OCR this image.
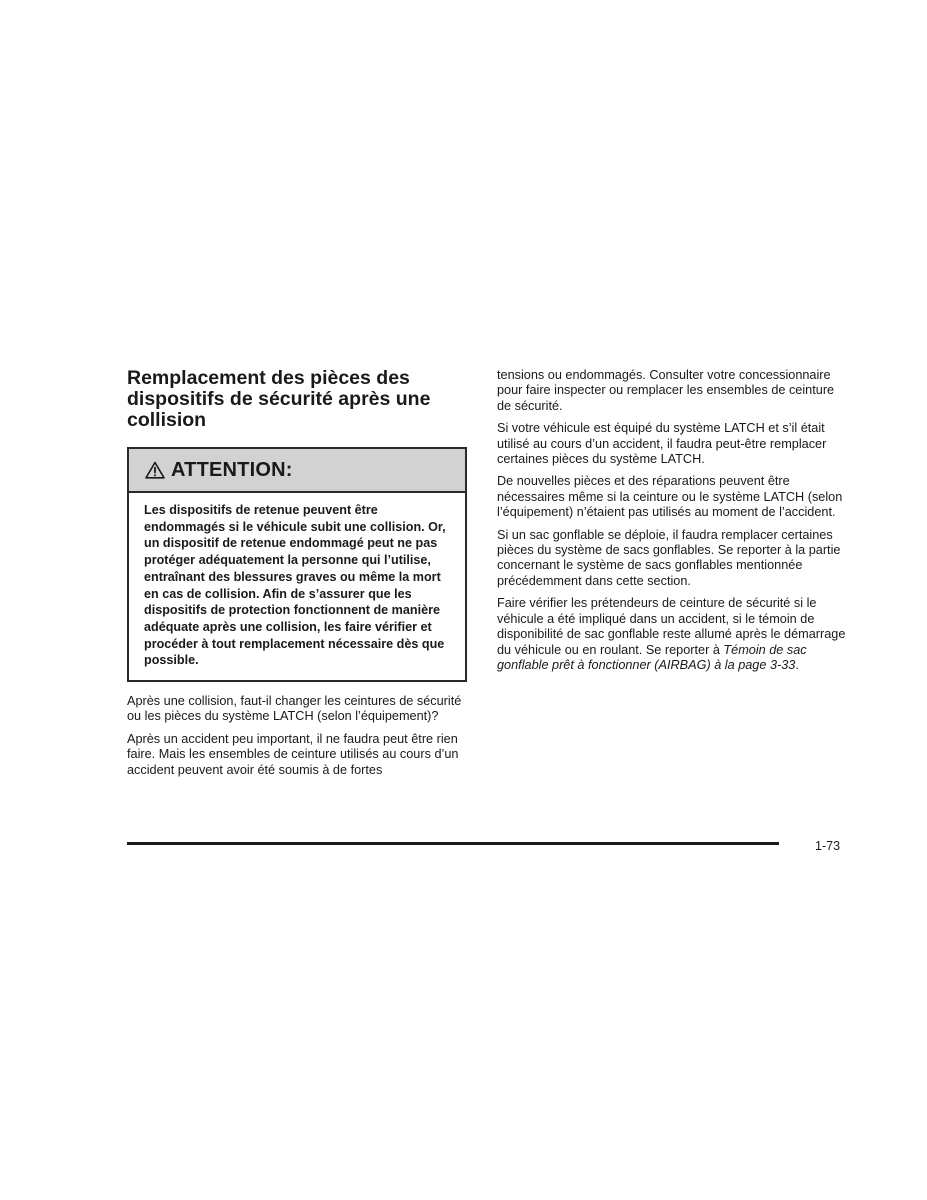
Remplacement des pièces des dispositifs de sécurité après une collision
ATTENTION:
Les dispositifs de retenue peuvent être endommagés si le véhicule subit une collision. Or, un dispositif de retenue endommagé peut ne pas protéger adéquatement la personne qui l’utilise, entraînant des blessures graves ou même la mort en cas de collision. Afin de s’assurer que les dispositifs de protection fonctionnent de manière adéquate après une collision, les faire vérifier et procéder à tout remplacement nécessaire dès que possible.

Après une collision, faut-il changer les ceintures de sécurité ou les pièces du système LATCH (selon l’équipement)?

Après un accident peu important, il ne faudra peut être rien faire. Mais les ensembles de ceinture utilisés au cours d’un accident peuvent avoir été soumis à de fortes

tensions ou endommagés. Consulter votre concessionnaire pour faire inspecter ou remplacer les ensembles de ceinture de sécurité.

Si votre véhicule est équipé du système LATCH et s’il était utilisé au cours d’un accident, il faudra peut-être remplacer certaines pièces du système LATCH.

De nouvelles pièces et des réparations peuvent être nécessaires même si la ceinture ou le système LATCH (selon l’équipement) n’étaient pas utilisés au moment de l’accident.

Si un sac gonflable se déploie, il faudra remplacer certaines pièces du système de sacs gonflables. Se reporter à la partie concernant le système de sacs gonflables mentionnée précédemment dans cette section.

Faire vérifier les prétendeurs de ceinture de sécurité si le véhicule a été impliqué dans un accident, si le témoin de disponibilité de sac gonflable reste allumé après le démarrage du véhicule ou en roulant. Se reporter à Témoin de sac gonflable prêt à fonctionner (AIRBAG) à la page 3-33.

1-73
